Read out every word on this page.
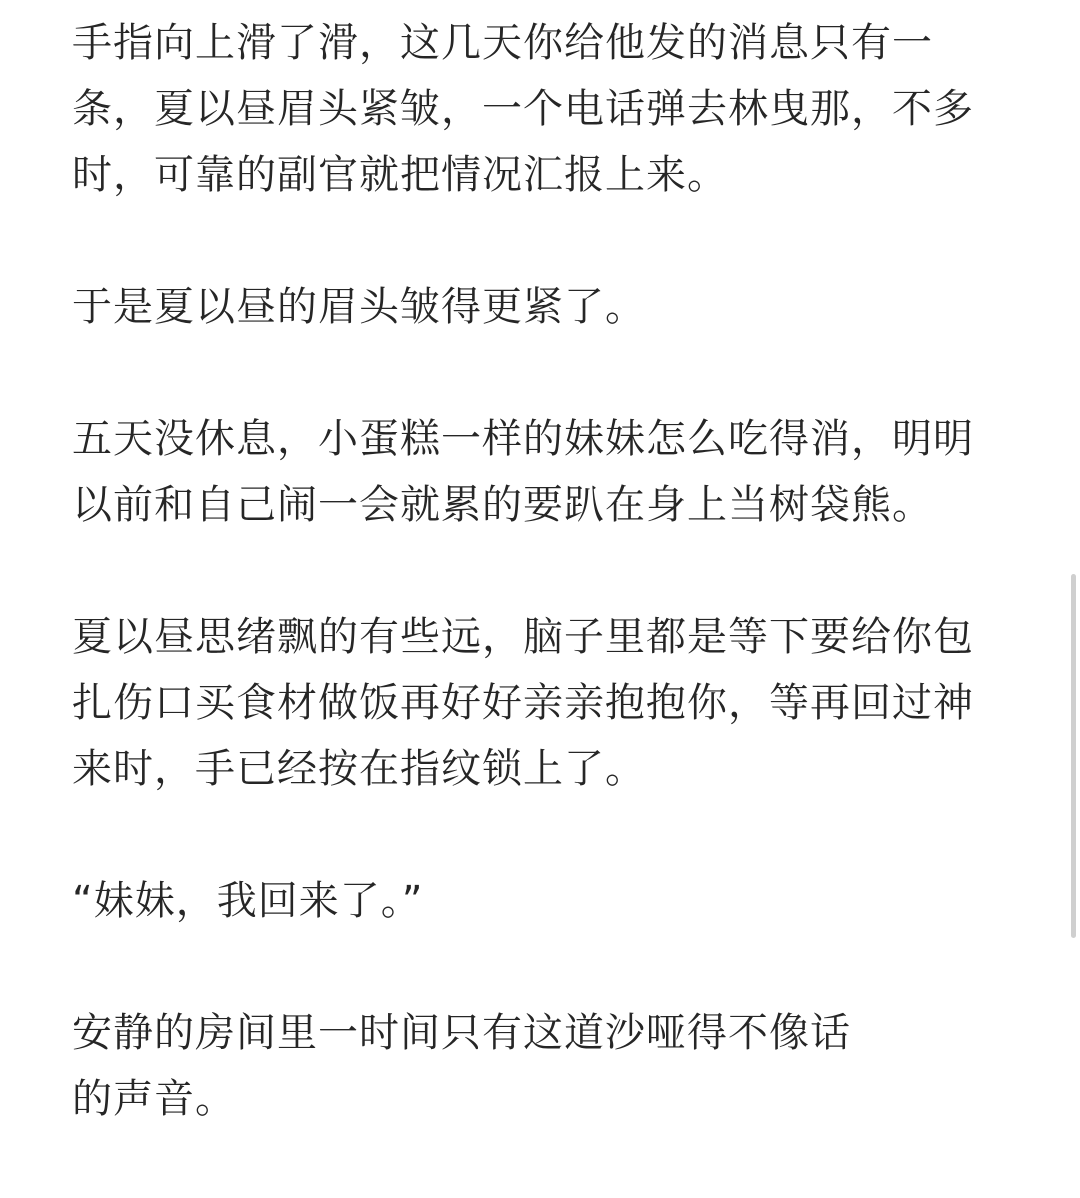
手指向上滑了滑，这几天你给他发的消息只有一
条，夏以昼眉头紧皱，一个电话弹去林曳那，不多
时，可靠的副官就把情况汇报上来。

于是夏以昼的眉头皱得更紧了。

五天没休息，小蛋糕一样的妹妹怎么吃得消，明明
以前和自己闹一会就累的要趴在身上当树袋熊。

夏以昼思绪飘的有些远，脑子里都是等下要给你包
扎伤口买食材做饭再好好亲亲抱抱你，等再回过神
来时，手已经按在指纹锁上了。

“妹妹，我回来了。”

安静的房间里一时间只有这道沙哑得不像话
的声音。
